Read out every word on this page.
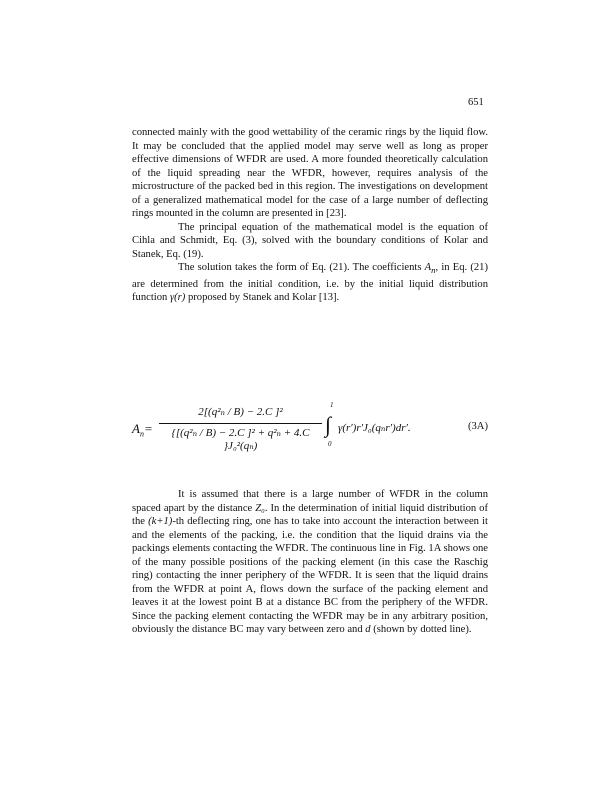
651

connected mainly with the good wettability of the ceramic rings by the liquid flow. It may be concluded that the applied model may serve well as long as proper effective dimensions of WFDR are used. A more founded theoretically calculation of the liquid spreading near the WFDR, however, requires analysis of the microstructure of the packed bed in this region. The investigations on development of a generalized mathematical model for the case of a large number of deflecting rings mounted in the column are presented in [23].

The principal equation of the mathematical model is the equation of Cihla and Schmidt, Eq. (3), solved with the boundary conditions of Kolar and Stanek, Eq. (19).

The solution takes the form of Eq. (21). The coefficients $A_n$, in Eq. (21) are determined from the initial condition, i.e. by the initial liquid distribution function γ(r) proposed by Stanek and Kolar [13].

$A_n=$
2[(q²ₙ / B) − 2.C ]²
{[(q²ₙ / B) − 2.C ]² + q²ₙ + 4.C }J₀²(qₙ)
1
∫
0
γ(r′)r′J₀(qₙr′)dr′.	(3A)

It is assumed that there is a large number of WFDR in the column spaced apart by the distance Z₀. In the determination of initial liquid distribution of the (k+1)-th deflecting ring, one has to take into account the interaction between it and the elements of the packing, i.e. the condition that the liquid drains via the packings elements contacting the WFDR. The continuous line in Fig. 1A shows one of the many possible positions of the packing element (in this case the Raschig ring) contacting the inner periphery of the WFDR. It is seen that the liquid drains from the WFDR at point A, flows down the surface of the packing element and leaves it at the lowest point B at a distance BC from the periphery of the WFDR. Since the packing element contacting the WFDR may be in any arbitrary position, obviously the distance BC may vary between zero and d (shown by dotted line).
